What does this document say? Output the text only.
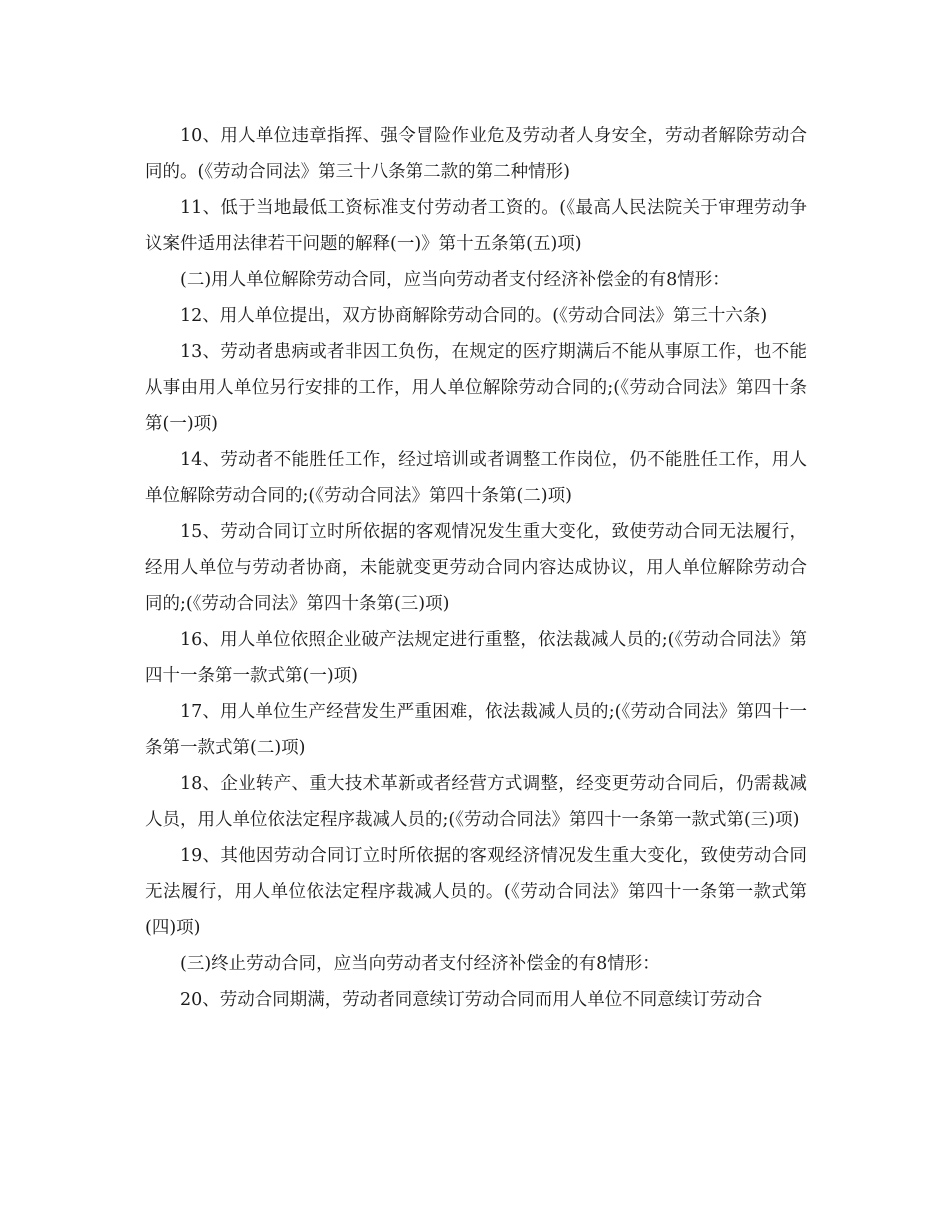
10、用人单位违章指挥、强令冒险作业危及劳动者人身安全，劳动者解除劳动合同的。(《劳动合同法》第三十八条第二款的第二种情形)

11、低于当地最低工资标准支付劳动者工资的。(《最高人民法院关于审理劳动争议案件适用法律若干问题的解释(一)》第十五条第(五)项)

(二)用人单位解除劳动合同，应当向劳动者支付经济补偿金的有8情形：

12、用人单位提出，双方协商解除劳动合同的。(《劳动合同法》第三十六条)

13、劳动者患病或者非因工负伤，在规定的医疗期满后不能从事原工作，也不能从事由用人单位另行安排的工作，用人单位解除劳动合同的;(《劳动合同法》第四十条第(一)项)

14、劳动者不能胜任工作，经过培训或者调整工作岗位，仍不能胜任工作，用人单位解除劳动合同的;(《劳动合同法》第四十条第(二)项)

15、劳动合同订立时所依据的客观情况发生重大变化，致使劳动合同无法履行，经用人单位与劳动者协商，未能就变更劳动合同内容达成协议，用人单位解除劳动合同的;(《劳动合同法》第四十条第(三)项)

16、用人单位依照企业破产法规定进行重整，依法裁减人员的;(《劳动合同法》第四十一条第一款式第(一)项)

17、用人单位生产经营发生严重困难，依法裁减人员的;(《劳动合同法》第四十一条第一款式第(二)项)

18、企业转产、重大技术革新或者经营方式调整，经变更劳动合同后，仍需裁减人员，用人单位依法定程序裁减人员的;(《劳动合同法》第四十一条第一款式第(三)项)

19、其他因劳动合同订立时所依据的客观经济情况发生重大变化，致使劳动合同无法履行，用人单位依法定程序裁减人员的。(《劳动合同法》第四十一条第一款式第(四)项)

(三)终止劳动合同，应当向劳动者支付经济补偿金的有8情形：

20、劳动合同期满，劳动者同意续订劳动合同而用人单位不同意续订劳动合
